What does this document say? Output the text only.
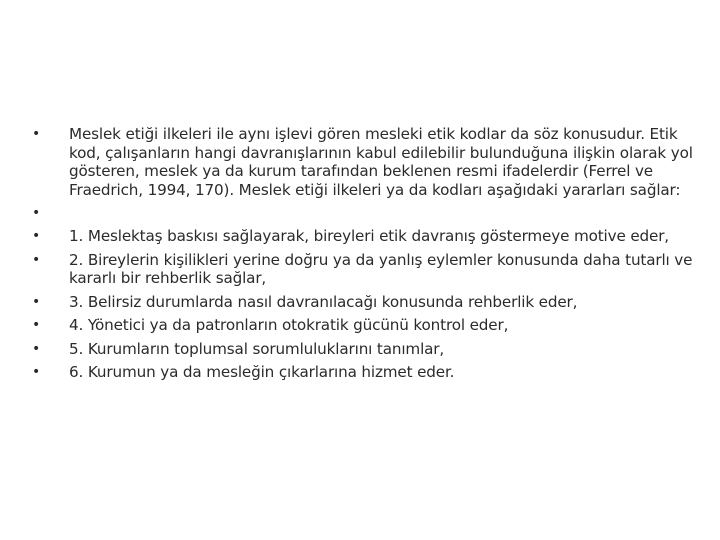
• Meslek etiği ilkeleri ile aynı işlevi gören mesleki etik kodlar da söz konusudur. Etik kod, çalışanların hangi davranışlarının kabul edilebilir bulunduğuna ilişkin olarak yol gösteren, meslek ya da kurum tarafından beklenen resmi ifadelerdir (Ferrel ve Fraedrich, 1994, 170). Meslek etiği ilkeleri ya da kodları aşağıdaki yararları sağlar:
•
• 1. Meslektaş baskısı sağlayarak, bireyleri etik davranış göstermeye motive eder,
• 2. Bireylerin kişilikleri yerine doğru ya da yanlış eylemler konusunda daha tutarlı ve kararlı bir rehberlik sağlar,
• 3. Belirsiz durumlarda nasıl davranılacağı konusunda rehberlik eder,
• 4. Yönetici ya da patronların otokratik gücünü kontrol eder,
• 5. Kurumların toplumsal sorumluluklarını tanımlar,
• 6. Kurumun ya da mesleğin çıkarlarına hizmet eder.
